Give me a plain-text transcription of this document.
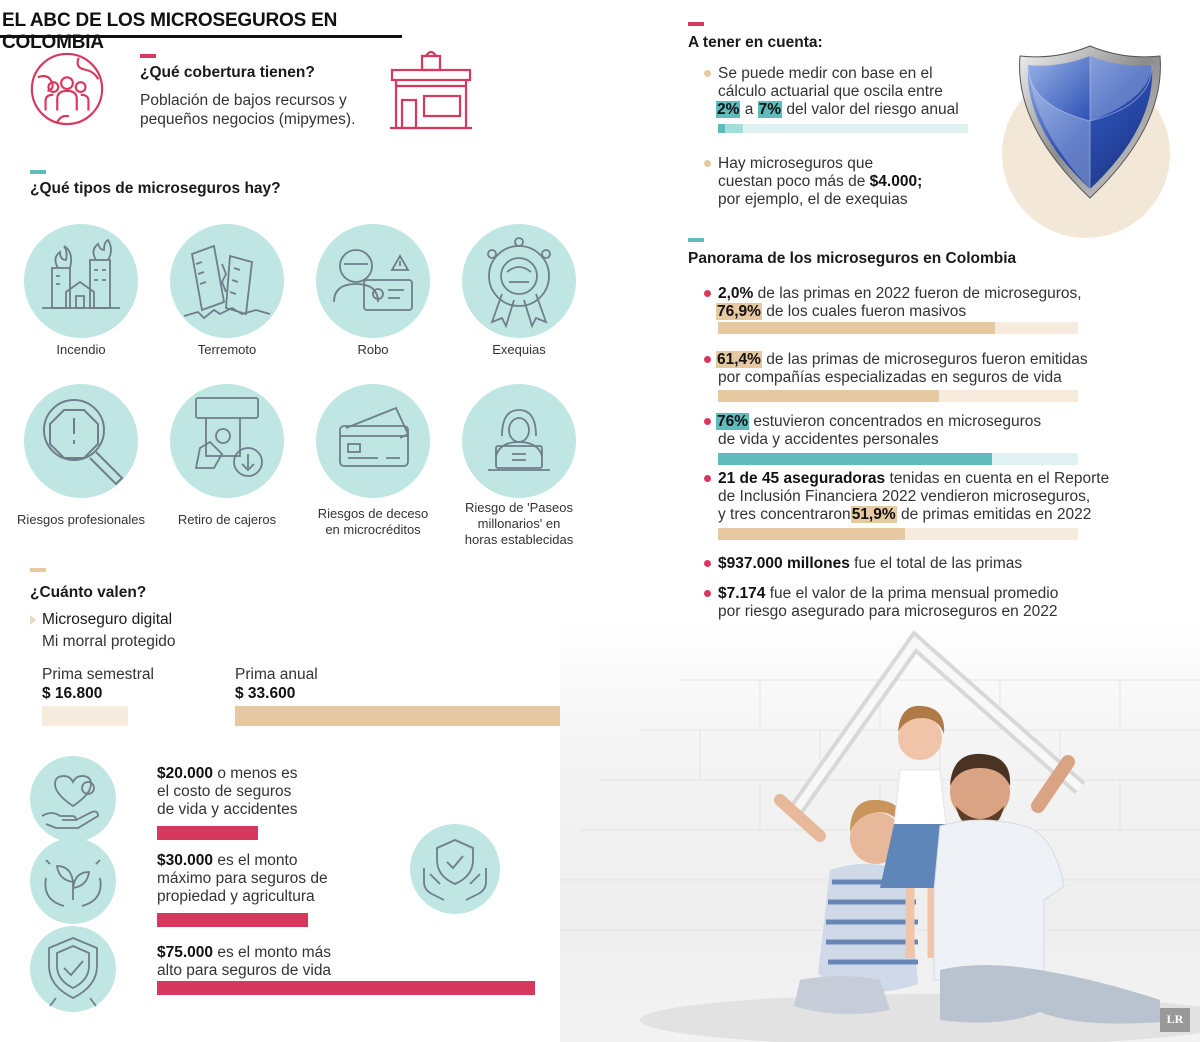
EL ABC DE LOS MICROSEGUROS EN COLOMBIA
¿Qué cobertura tienen?
Población de bajos recursos y
pequeños negocios (mipymes).
¿Qué tipos de microseguros hay?
Incendio	Terremoto	Robo	Exequias
Riesgos profesionales	Retiro de cajeros	Riesgos de deceso
en microcréditos
Riesgo de 'Paseos
millonarios' en
horas establecidas
¿Cuánto valen?
Microseguro digital
Mi morral protegido
Prima semestral
$ 16.800
Prima anual
$ 33.600
$20.000 o menos es
el costo de seguros
de vida y accidentes
$30.000 es el monto
máximo para seguros de
propiedad y agricultura
$75.000 es el monto más
alto para seguros de vida
A tener en cuenta:
Se puede medir con base en el
cálculo actuarial que oscila entre
2% a 7% del valor del riesgo anual
Hay microseguros que
cuestan poco más de $4.000;
por ejemplo, el de exequias
Panorama de los microseguros en Colombia
2,0% de las primas en 2022 fueron de microseguros,
76,9% de los cuales fueron masivos
61,4% de las primas de microseguros fueron emitidas
por compañías especializadas en seguros de vida
76% estuvieron concentrados en microseguros
de vida y accidentes personales
21 de 45 aseguradoras tenidas en cuenta en el Reporte
de Inclusión Financiera 2022 vendieron microseguros,
y tres concentraron51,9% de primas emitidas en 2022
$937.000 millones fue el total de las primas
$7.174 fue el valor de la prima mensual promedio
por riesgo asegurado para microseguros en 2022
LR
